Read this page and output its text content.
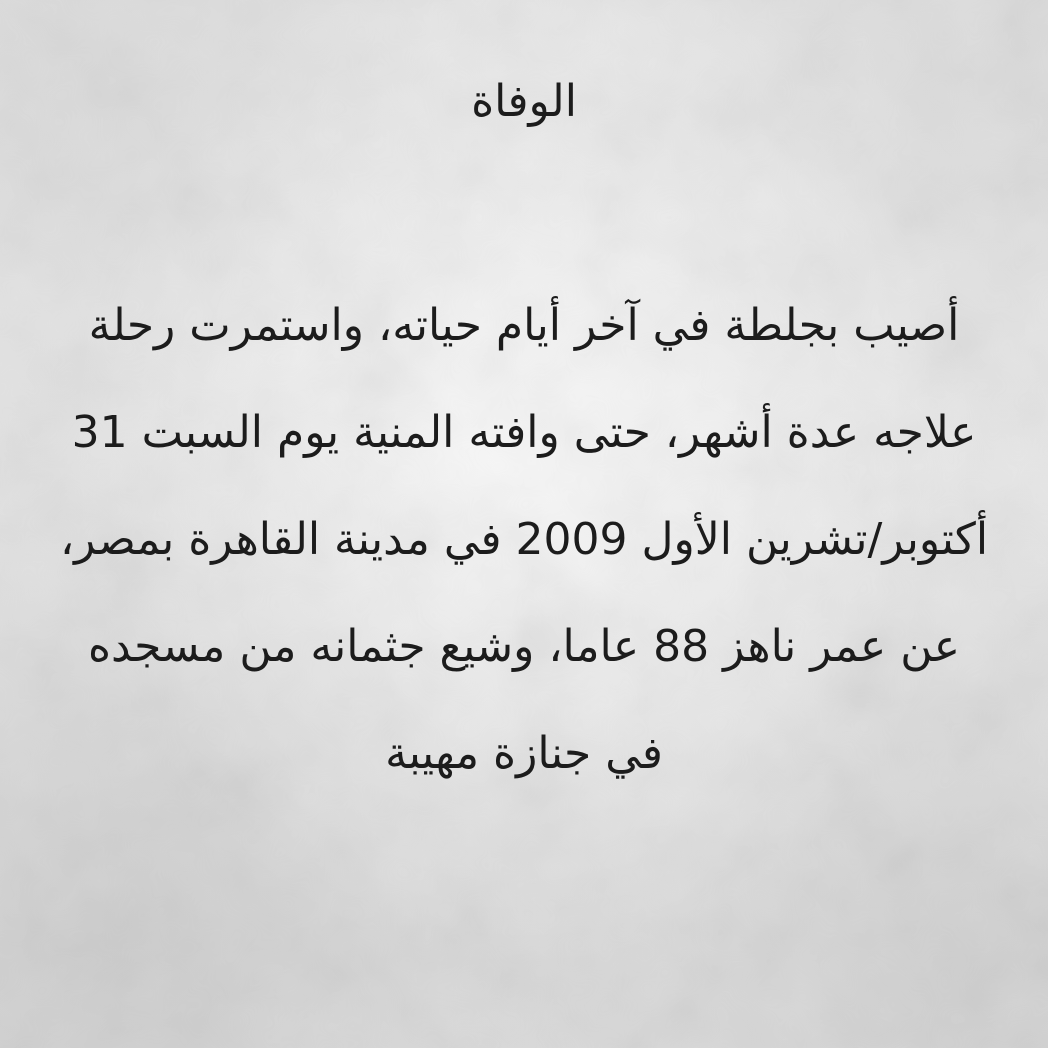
الوفاة
أصيب بجلطة في آخر أيام حياته، واستمرت رحلة
علاجه عدة أشهر، حتى وافته المنية يوم السبت 31
أكتوبر/تشرين الأول 2009 في مدينة القاهرة بمصر،
عن عمر ناهز 88 عاما، وشيع جثمانه من مسجده
في جنازة مهيبة
